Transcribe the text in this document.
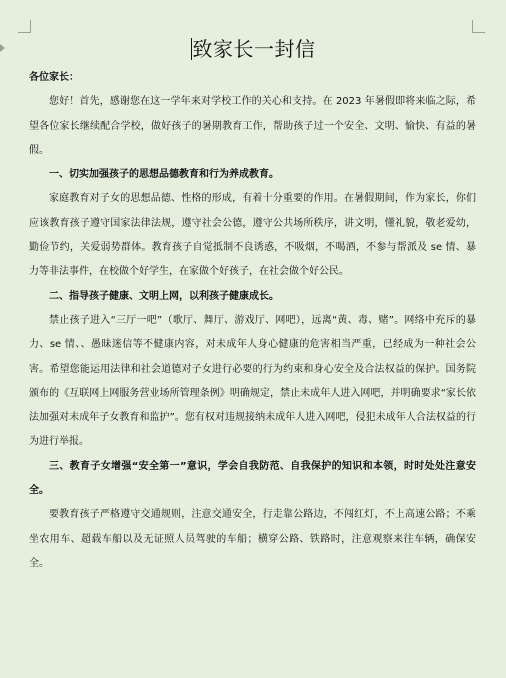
致家长一封信

各位家长：

您好！首先，感谢您在这一学年来对学校工作的关心和支持。在 2023 年暑假即将来临之际，希望各位家长继续配合学校，做好孩子的暑期教育工作，帮助孩子过一个安全、文明、愉快、有益的暑假。

一、切实加强孩子的思想品德教育和行为养成教育。

家庭教育对子女的思想品德、性格的形成，有着十分重要的作用。在暑假期间，作为家长，你们应该教育孩子遵守国家法律法规，遵守社会公德，遵守公共场所秩序，讲文明，懂礼貌，敬老爱幼，勤俭节约，关爱弱势群体。教育孩子自觉抵制不良诱惑，不吸烟，不喝酒，不参与帮派及 se 情、暴力等非法事件，在校做个好学生，在家做个好孩子，在社会做个好公民。

二、指导孩子健康、文明上网，以利孩子健康成长。

禁止孩子进入“三厅一吧”（歌厅、舞厅、游戏厅、网吧），远离“黄、毒、赌”。网络中充斥的暴力、se 情、、愚昧迷信等不健康内容，对未成年人身心健康的危害相当严重，已经成为一种社会公害。希望您能运用法律和社会道德对子女进行必要的行为约束和身心安全及合法权益的保护。国务院颁布的《互联网上网服务营业场所管理条例》明确规定，禁止未成年人进入网吧，并明确要求“家长依法加强对未成年子女教育和监护”。您有权对违规接纳未成年人进入网吧，侵犯未成年人合法权益的行为进行举报。

三、教育子女增强“安全第一”意识，学会自我防范、自我保护的知识和本领，时时处处注意安全。

要教育孩子严格遵守交通规则，注意交通安全，行走靠公路边，不闯红灯，不上高速公路；不乘坐农用车、超载车船以及无证照人员驾驶的车船；横穿公路、铁路时，注意观察来往车辆，确保安全。
